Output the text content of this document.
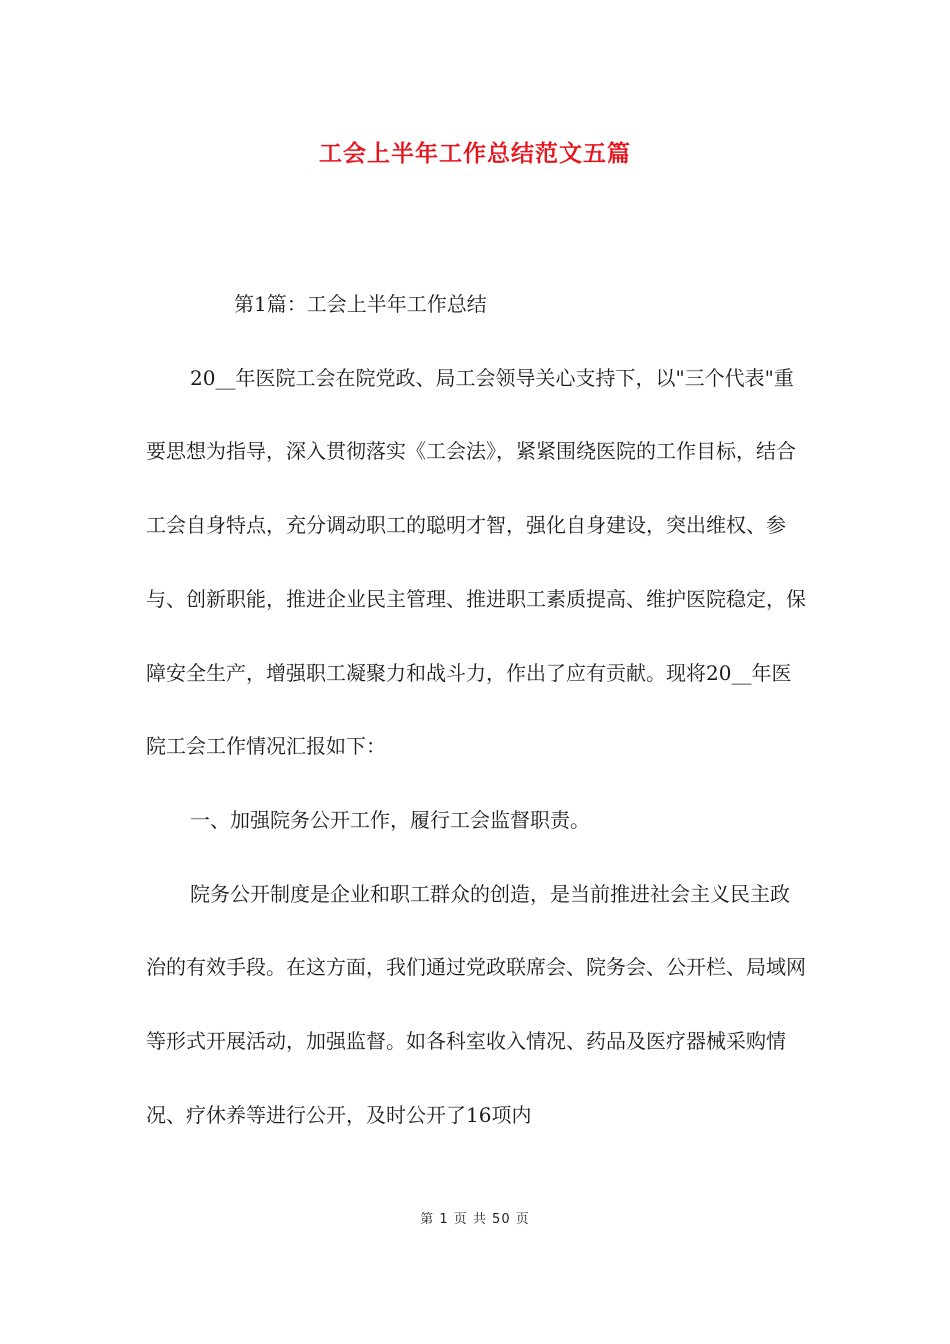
工会上半年工作总结范文五篇

第1篇：工会上半年工作总结

20__年医院工会在院党政、局工会领导关心支持下，以"三个代表"重要思想为指导，深入贯彻落实《工会法》，紧紧围绕医院的工作目标，结合工会自身特点，充分调动职工的聪明才智，强化自身建设，突出维权、参与、创新职能，推进企业民主管理、推进职工素质提高、维护医院稳定，保障安全生产，增强职工凝聚力和战斗力，作出了应有贡献。现将20__年医院工会工作情况汇报如下：

一、加强院务公开工作，履行工会监督职责。

院务公开制度是企业和职工群众的创造，是当前推进社会主义民主政治的有效手段。在这方面，我们通过党政联席会、院务会、公开栏、局域网等形式开展活动，加强监督。如各科室收入情况、药品及医疗器械采购情况、疗休养等进行公开，及时公开了16项内

第 1 页 共 50 页
